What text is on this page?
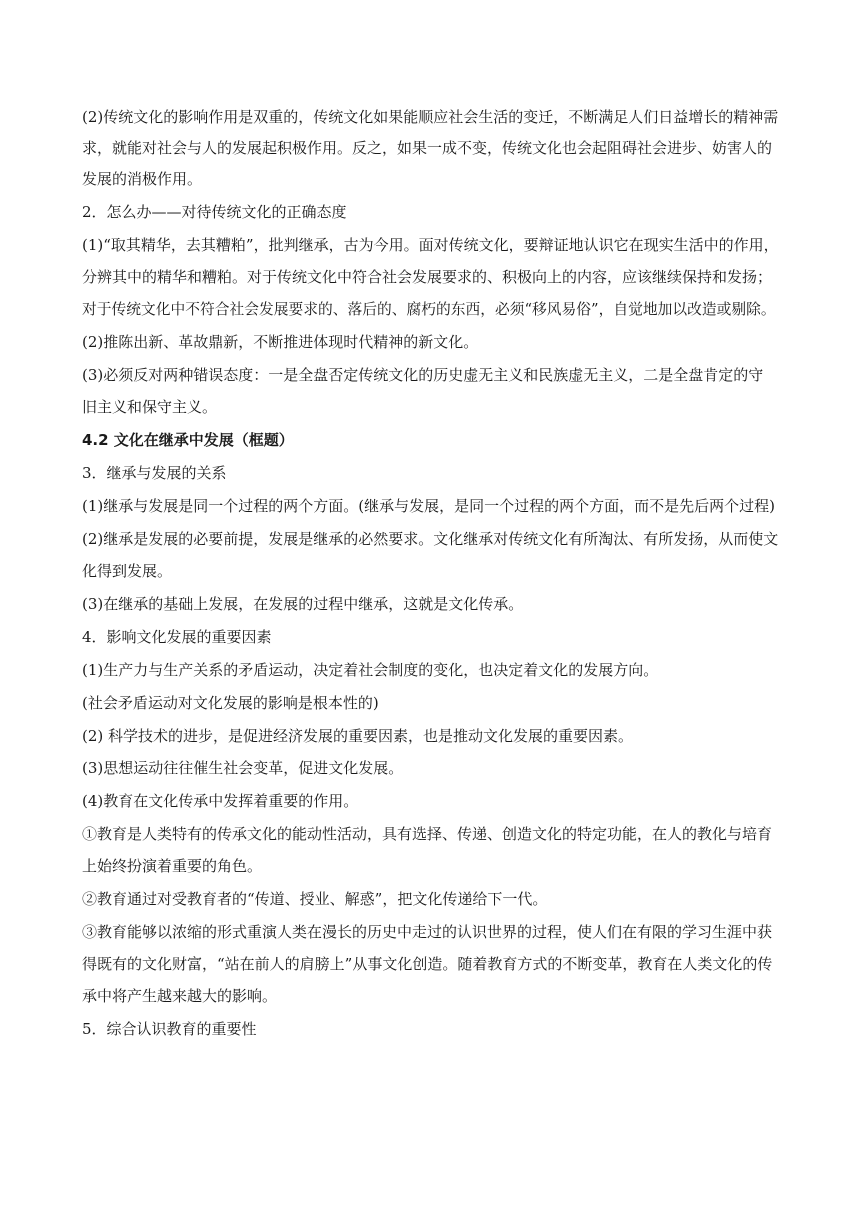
(2)传统文化的影响作用是双重的，传统文化如果能顺应社会生活的变迁，不断满足人们日益增长的精神需

求，就能对社会与人的发展起积极作用。反之，如果一成不变，传统文化也会起阻碍社会进步、妨害人的

发展的消极作用。

2．怎么办——对待传统文化的正确态度

(1)“取其精华，去其糟粕”，批判继承，古为今用。面对传统文化，要辩证地认识它在现实生活中的作用，

分辨其中的精华和糟粕。对于传统文化中符合社会发展要求的、积极向上的内容，应该继续保持和发扬；

对于传统文化中不符合社会发展要求的、落后的、腐朽的东西，必须“移风易俗”，自觉地加以改造或剔除。

(2)推陈出新、革故鼎新，不断推进体现时代精神的新文化。

(3)必须反对两种错误态度：一是全盘否定传统文化的历史虚无主义和民族虚无主义，二是全盘肯定的守

旧主义和保守主义。

4.2 文化在继承中发展（框题）

3．继承与发展的关系

(1)继承与发展是同一个过程的两个方面。(继承与发展，是同一个过程的两个方面，而不是先后两个过程)

(2)继承是发展的必要前提，发展是继承的必然要求。文化继承对传统文化有所淘汰、有所发扬，从而使文

化得到发展。

(3)在继承的基础上发展，在发展的过程中继承，这就是文化传承。

4．影响文化发展的重要因素

(1)生产力与生产关系的矛盾运动，决定着社会制度的变化，也决定着文化的发展方向。

(社会矛盾运动对文化发展的影响是根本性的)

(2) 科学技术的进步，是促进经济发展的重要因素，也是推动文化发展的重要因素。

(3)思想运动往往催生社会变革，促进文化发展。

(4)教育在文化传承中发挥着重要的作用。

①教育是人类特有的传承文化的能动性活动，具有选择、传递、创造文化的特定功能，在人的教化与培育

上始终扮演着重要的角色。

②教育通过对受教育者的“传道、授业、解惑”，把文化传递给下一代。

③教育能够以浓缩的形式重演人类在漫长的历史中走过的认识世界的过程，使人们在有限的学习生涯中获

得既有的文化财富，“站在前人的肩膀上”从事文化创造。随着教育方式的不断变革，教育在人类文化的传

承中将产生越来越大的影响。

5．综合认识教育的重要性
